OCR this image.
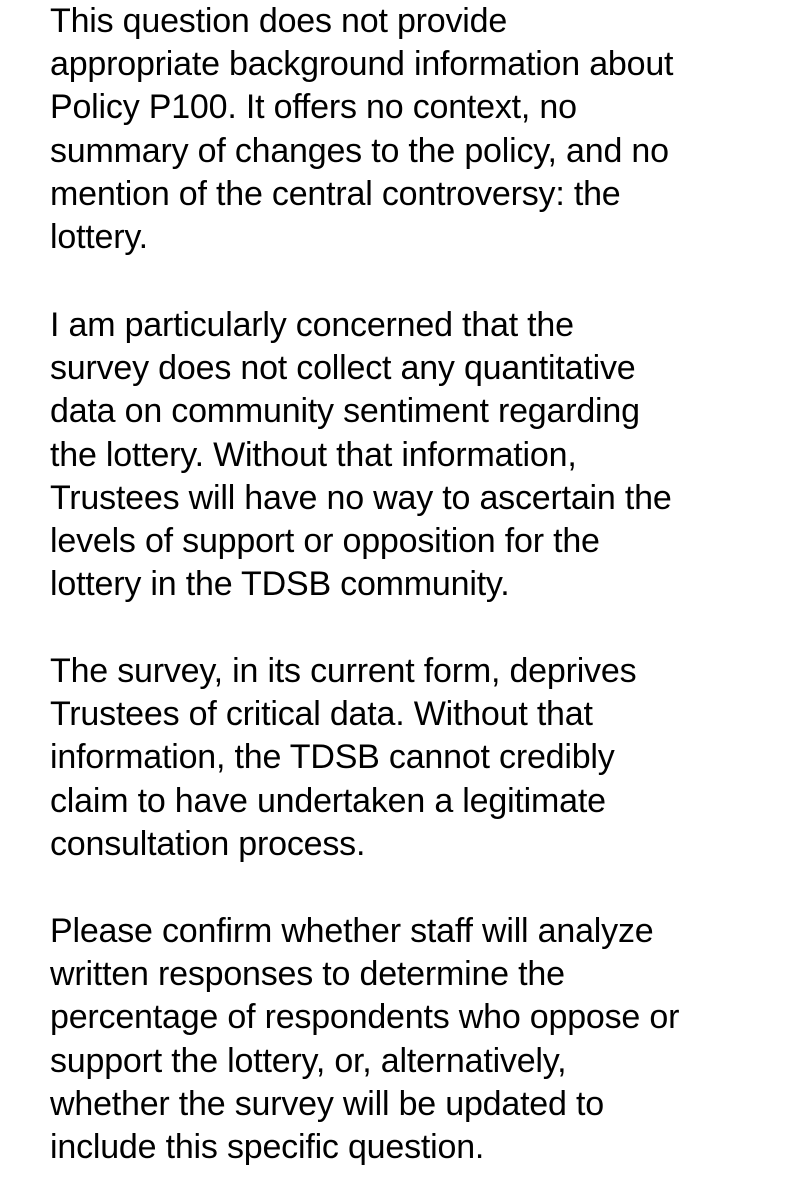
This question does not provide
appropriate background information about
Policy P100. It offers no context, no
summary of changes to the policy, and no
mention of the central controversy: the
lottery.

I am particularly concerned that the
survey does not collect any quantitative
data on community sentiment regarding
the lottery. Without that information,
Trustees will have no way to ascertain the
levels of support or opposition for the
lottery in the TDSB community.

The survey, in its current form, deprives
Trustees of critical data. Without that
information, the TDSB cannot credibly
claim to have undertaken a legitimate
consultation process.

Please confirm whether staff will analyze
written responses to determine the
percentage of respondents who oppose or
support the lottery, or, alternatively,
whether the survey will be updated to
include this specific question.
